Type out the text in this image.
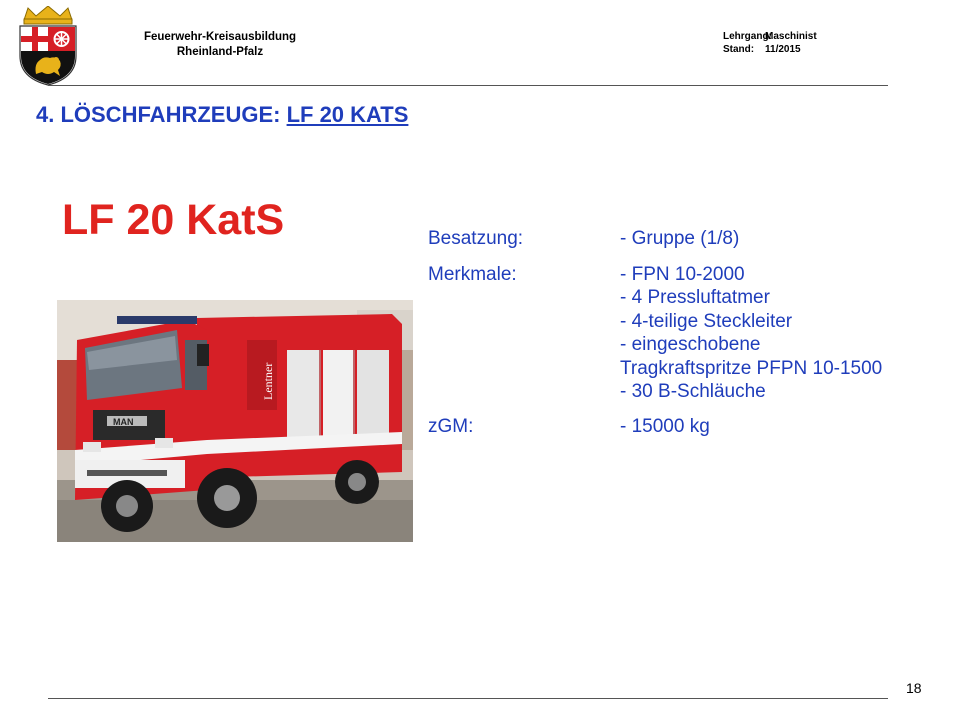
Feuerwehr-Kreisausbildung
Rheinland-Pfalz
Lehrgang:
Maschinist
Stand:	11/2015
4. LÖSCHFAHRZEUGE: LF 20 KATS
LF 20 KatS
Lentner
MAN
Besatzung:	- Gruppe (1/8)
Merkmale:	- FPN 10-2000
- 4 Pressluftatmer
- 4-teilige Steckleiter
- eingeschobene
Tragkraftspritze PFPN 10-1500
- 30 B-Schläuche
zGM:	- 15000 kg
18
